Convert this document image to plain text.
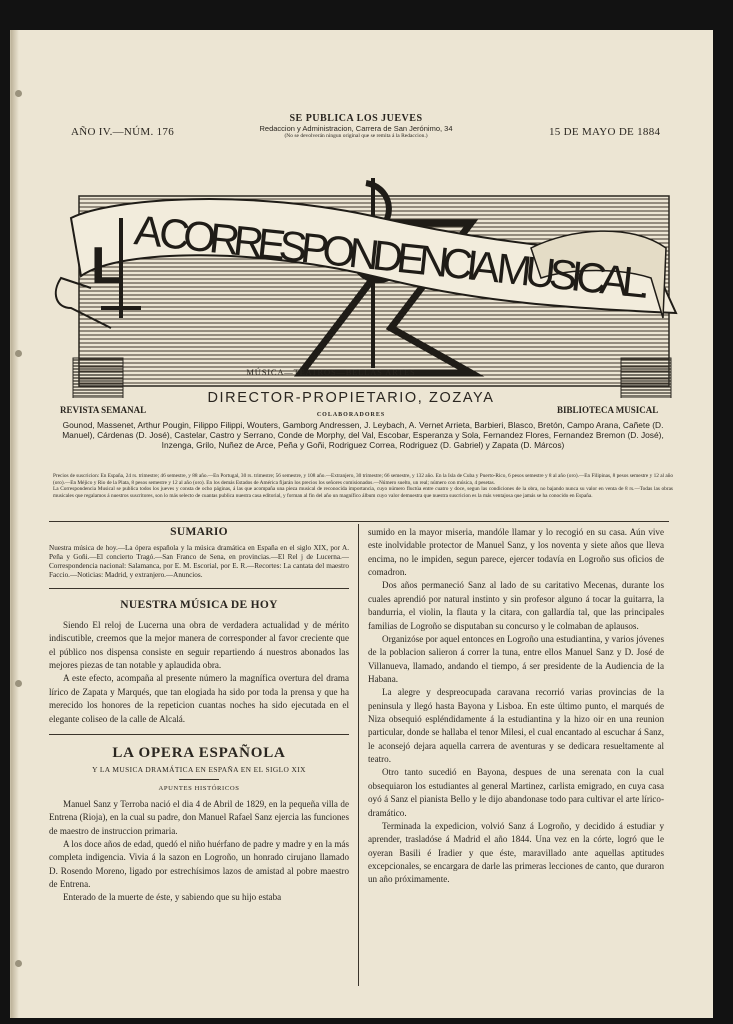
AÑO IV.—NÚM. 176
SE PUBLICA LOS JUEVES
Redaccion y Administracion, Carrera de San Jerónimo, 34
(No se devolverán ningun original que se remita á la Redaccion.)	15 DE MAYO DE 1884
L
A CORRESPONDENCIA MUSICAL.
MÚSICA—TEATROS—BELLAS ARTES
DIRECTOR-PROPIETARIO, ZOZAYA
REVISTA SEMANAL	BIBLIOTECA MUSICAL
COLABORADORES
Gounod, Massenet, Arthur Pougin, Filippo Filippi, Wouters, Gamborg Andressen, J. Leybach, A. Vernet Arrieta, Barbieri, Blasco, Bretón, Campo Arana, Cañete (D. Manuel), Cárdenas (D. José), Castelar, Castro y Serrano, Conde de Morphy, del Val, Escobar, Esperanza y Sola, Fernandez Flores, Fernandez Bremon (D. José), Inzenga, Grilo, Nuñez de Arce, Peña y Goñi, Rodriguez Correa, Rodriguez (D. Gabriel) y Zapata (D. Márcos)
Precios de suscricion: En España, 24 rs. trimestre; 46 semestre, y 88 año.—En Portugal, 30 rs. trimestre; 56 semestre, y 108 año.—Extranjero, 30 trimestre; 66 semestre, y 132 año. En la Isla de Cuba y Puerto-Rico, 6 pesos semestre y 8 al año (oro).—En Filipinas, 8 pesos semestre y 12 al año (oro).—En Méjico y Rio de la Plata, 8 pesos semestre y 12 al año (oro). En los demás Estados de América fijarán los precios los señores comisionados.—Número suelto, un real; número con música, 4 pesetas.
La Correspondencia Musical se publica todos los jueves y consta de ocho páginas, á las que acompaña una pieza musical de reconocida importancia, cuyo número fluctúa entre cuatro y doce, segun las condiciones de la obra, no bajando nunca su valor en venta de 8 rs.—Todas las obras musicales que regalamos á nuestros suscritores, son lo más selecto de cuantas publica nuestra casa editorial, y forman al fin del año un magnífico álbum cuyo valor demuestra que nuestra suscricion es la más ventajosa que jamás se ha conocido en España.
SUMARIO

Nuestra música de hoy.—La ópera española y la música dramática en España en el siglo XIX, por A. Peña y Goñi.—El concierto Tragó.—San Franco de Sena, en provincias.—El Rel j de Lucerna.—Correspondencia nacional: Salamanca, por E. M. Escorial, por E. R.—Recortes: La cantata del maestro Faccio.—Noticias: Madrid, y extranjero.—Anuncios.

NUESTRA MÚSICA DE HOY

Siendo El reloj de Lucerna una obra de verdadera actualidad y de mérito indiscutible, creemos que la mejor manera de corresponder al favor creciente que el público nos dispensa consiste en seguir repartiendo á nuestros abonados las mejores piezas de tan notable y aplaudida obra.

A este efecto, acompaña al presente número la magnífica overtura del drama lírico de Zapata y Marqués, que tan elogiada ha sido por toda la prensa y que ha merecido los honores de la repeticion cuantas noches ha sido ejecutada en el elegante coliseo de la calle de Alcalá.

LA OPERA ESPAÑOLA

Y LA MUSICA DRAMÁTICA EN ESPAÑA EN EL SIGLO XIX

APUNTES HISTÓRICOS

Manuel Sanz y Terroba nació el dia 4 de Abril de 1829, en la pequeña villa de Entrena (Rioja), en la cual su padre, don Manuel Rafael Sanz ejercia las funciones de maestro de instruccion primaria.

A los doce años de edad, quedó el niño huérfano de padre y madre y en la más completa indigencia. Vivia á la sazon en Logroño, un honrado cirujano llamado D. Rosendo Moreno, ligado por estrechísimos lazos de amistad al pobre maestro de Entrena.

Enterado de la muerte de éste, y sabiendo que su hijo estaba

sumido en la mayor miseria, mandóle llamar y lo recogió en su casa. Aún vive este inolvidable protector de Manuel Sanz, y los noventa y siete años que lleva encima, no le impiden, segun parece, ejercer todavía en Logroño sus oficios de comadron.

Dos años permaneció Sanz al lado de su caritativo Mecenas, durante los cuales aprendió por natural instinto y sin profesor alguno á tocar la guitarra, la bandurria, el violin, la flauta y la citara, con gallardía tal, que las principales familias de Logroño se disputaban su concurso y le colmaban de aplausos.

Organizóse por aquel entonces en Logroño una estudiantina, y varios jóvenes de la poblacion salieron á correr la tuna, entre ellos Manuel Sanz y D. José de Villanueva, llamado, andando el tiempo, á ser presidente de la Audiencia de la Habana.

La alegre y despreocupada caravana recorrió varias provincias de la peninsula y llegó hasta Bayona y Lisboa. En este último punto, el marqués de Niza obsequió espléndidamente á la estudiantina y la hizo oir en una reunion particular, donde se hallaba el tenor Milesi, el cual encantado al escuchar á Sanz, le aconsejó dejara aquella carrera de aventuras y se dedicara resueltamente al teatro.

Otro tanto sucedió en Bayona, despues de una serenata con la cual obsequiaron los estudiantes al general Martinez, carlista emigrado, en cuya casa oyó á Sanz el pianista Bello y le dijo abandonase todo para cultivar el arte lírico-dramático.

Terminada la expedicion, volvió Sanz á Logroño, y decidido á estudiar y aprender, trasladóse á Madrid el año 1844. Una vez en la córte, logró que le oyeran Basili é Iradier y que éste, maravillado ante aquellas aptitudes excepcionales, se encargara de darle las primeras lecciones de canto, que duraron un año próximamente.
